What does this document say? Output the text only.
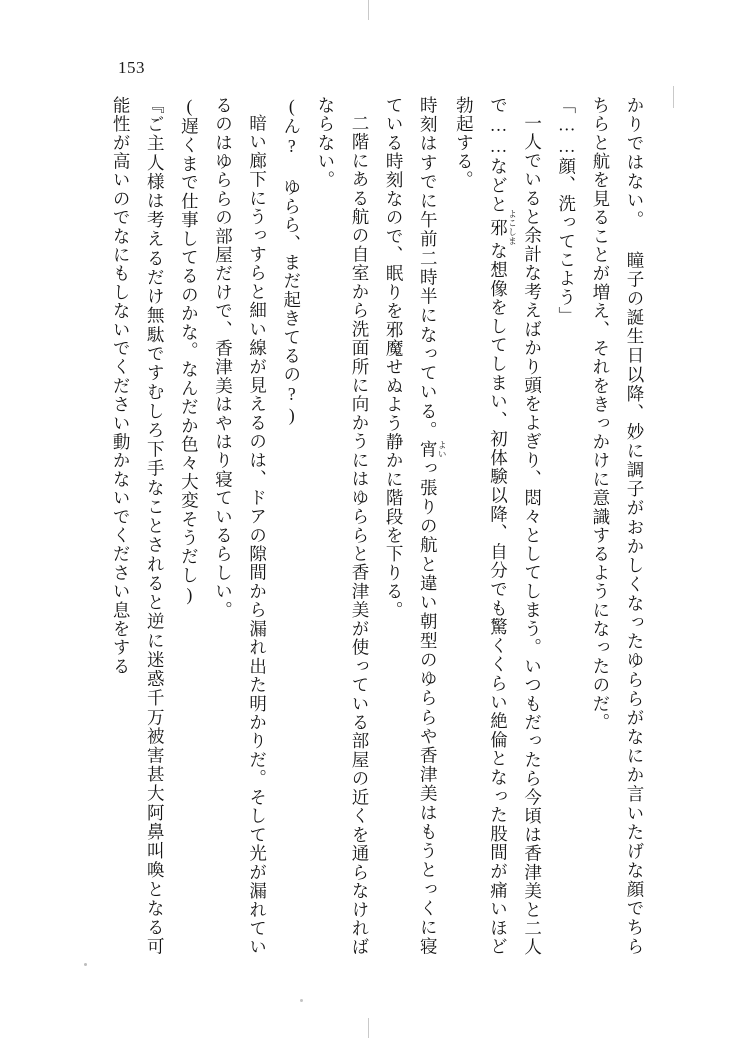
153

かりではない。 瞳子の誕生日以降、妙に調子がおかしくなったゆららがなにか言いたげな顔でちらちらと航を見ることが増え、それをきっかけに意識するようになったのだ。

「……顔、洗ってこよう」

一人でいると余計な考えばかり頭をよぎり、悶々としてしまう。いつもだったら今頃は香津美と二人で……などと邪 よこしまな想像をしてしまい、初体験以降、自分でも驚くくらい絶倫となった股間が痛いほど勃起する。

時刻はすでに午前二時半になっている。宵 よいっ張りの航と違い朝型のゆららや香津美はもうとっくに寝ている時刻なので、眠りを邪魔せぬよう静かに階段を下りる。

二階にある航の自室から洗面所に向かうにはゆららと香津美が使っている部屋の近くを通らなければならない。

(ん? ゆらら、まだ起きてるの?)

暗い廊下にうっすらと細い線が見えるのは、ドアの隙間から漏れ出た明かりだ。そして光が漏れているのはゆららの部屋だけで、香津美はやはり寝ているらしい。

(遅くまで仕事してるのかな。なんだか色々大変そうだし)

『ご主人様は考えるだけ無駄ですむしろ下手なことされると逆に迷惑千万被害甚大阿鼻叫喚となる可能性が高いのでなにもしないでください動かないでください息をする
